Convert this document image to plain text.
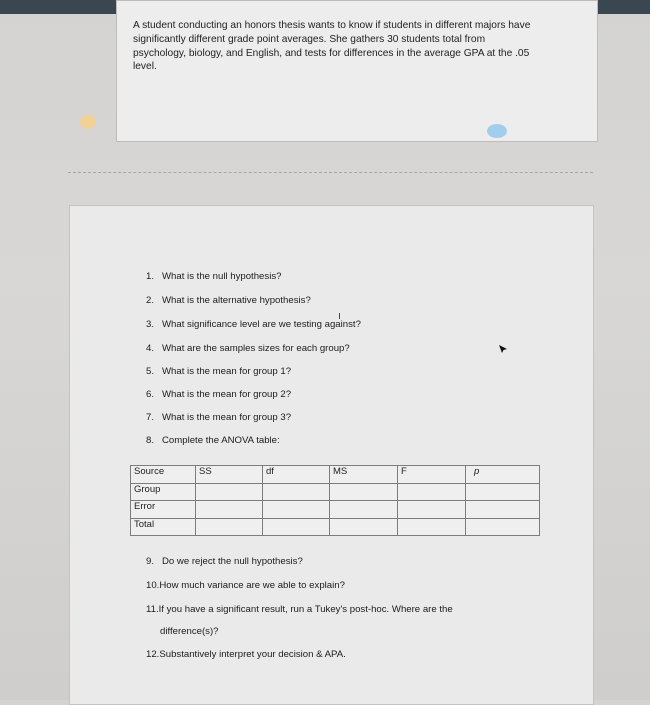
A student conducting an honors thesis wants to know if students in different majors have significantly different grade point averages. She gathers 30 students total from psychology, biology, and English, and tests for differences in the average GPA at the .05 level.
1. What is the null hypothesis?
2. What is the alternative hypothesis?
3. What significance level are we testing against?
4. What are the samples sizes for each group?
5. What is the mean for group 1?
6. What is the mean for group 2?
7. What is the mean for group 3?
8. Complete the ANOVA table:
Source	SS	df	MS	F	p
Group					
Error					
Total					
9. Do we reject the null hypothesis?
10.How much variance are we able to explain?
11.If you have a significant result, run a Tukey's post-hoc. Where are the
difference(s)?
12.Substantively interpret your decision & APA.
